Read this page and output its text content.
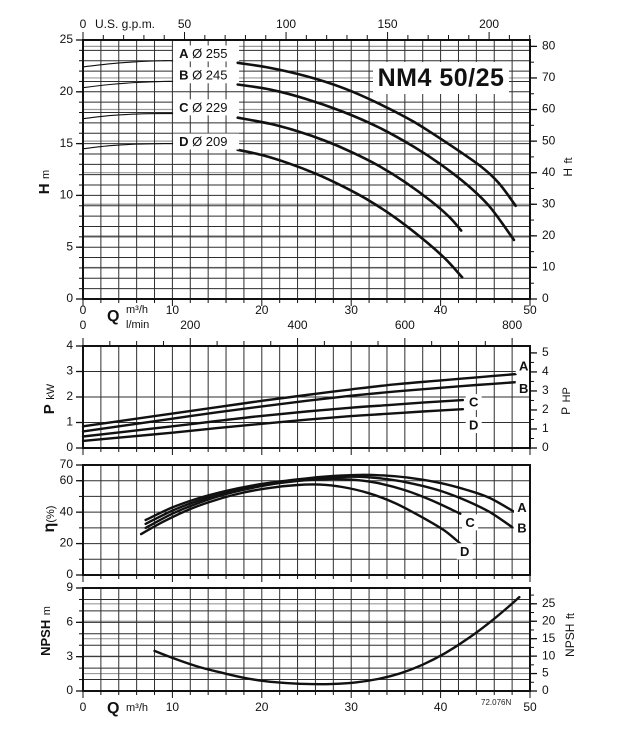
A Ø 255
B Ø 245
C Ø 229
D Ø 209
0
5
10
15
20
25
0
10
20
30
40
50
60
70
80
0	50	100	150	200
0	10	20	30	40	50
A
B
C
D
0
1
2
3
4
0
1
2
3
4
5
0	200	400	600	800
A
B
C
D
0
20
40
60
70
0
3
6
9
0
5
10
15
20
25
0	10	20	30	40	50
NM4 50/25
U.S. g.p.m.
Q m³/h
l/min
Q m³/h	72.076N
H m	H ft
P kW
P HP
η(%)
NPSH m
NPSH ft
